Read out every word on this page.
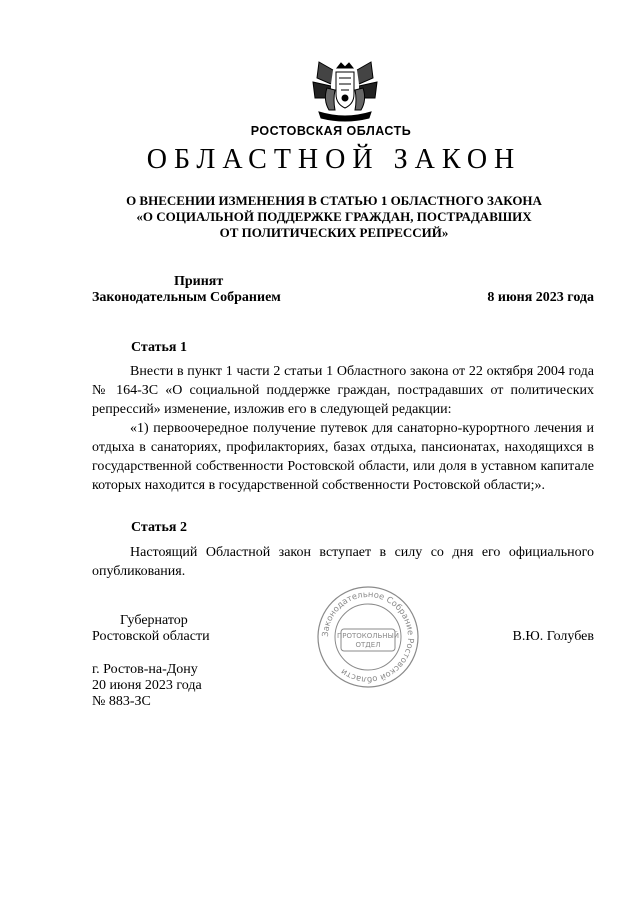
РОСТОВСКАЯ ОБЛАСТЬ
ОБЛАСТНОЙ ЗАКОН
О ВНЕСЕНИИ ИЗМЕНЕНИЯ В СТАТЬЮ 1 ОБЛАСТНОГО ЗАКОНА
«О СОЦИАЛЬНОЙ ПОДДЕРЖКЕ ГРАЖДАН, ПОСТРАДАВШИХ
ОТ ПОЛИТИЧЕСКИХ РЕПРЕССИЙ»
Принят
Законодательным Собранием	8 июня 2023 года
Статья 1
Внести в пункт 1 части 2 статьи 1 Областного закона от 22 октября 2004 года № 164-ЗС «О социальной поддержке граждан, пострадавших от политических репрессий» изменение, изложив его в следующей редакции:
«1) первоочередное получение путевок для санаторно-курортного лечения и отдыха в санаториях, профилакториях, базах отдыха, пансионатах, находящихся в государственной собственности Ростовской области, или доля в уставном капитале которых находится в государственной собственности Ростовской области;».
Статья 2
Настоящий Областной закон вступает в силу со дня его официального опубликования.
Губернатор
Ростовской области	В.Ю. Голубев
Законодательное Собрание Ростовской области
ПРОТОКОЛЬНЫЙ
ОТДЕЛ
г. Ростов-на-Дону
20 июня 2023 года
№ 883-ЗС
